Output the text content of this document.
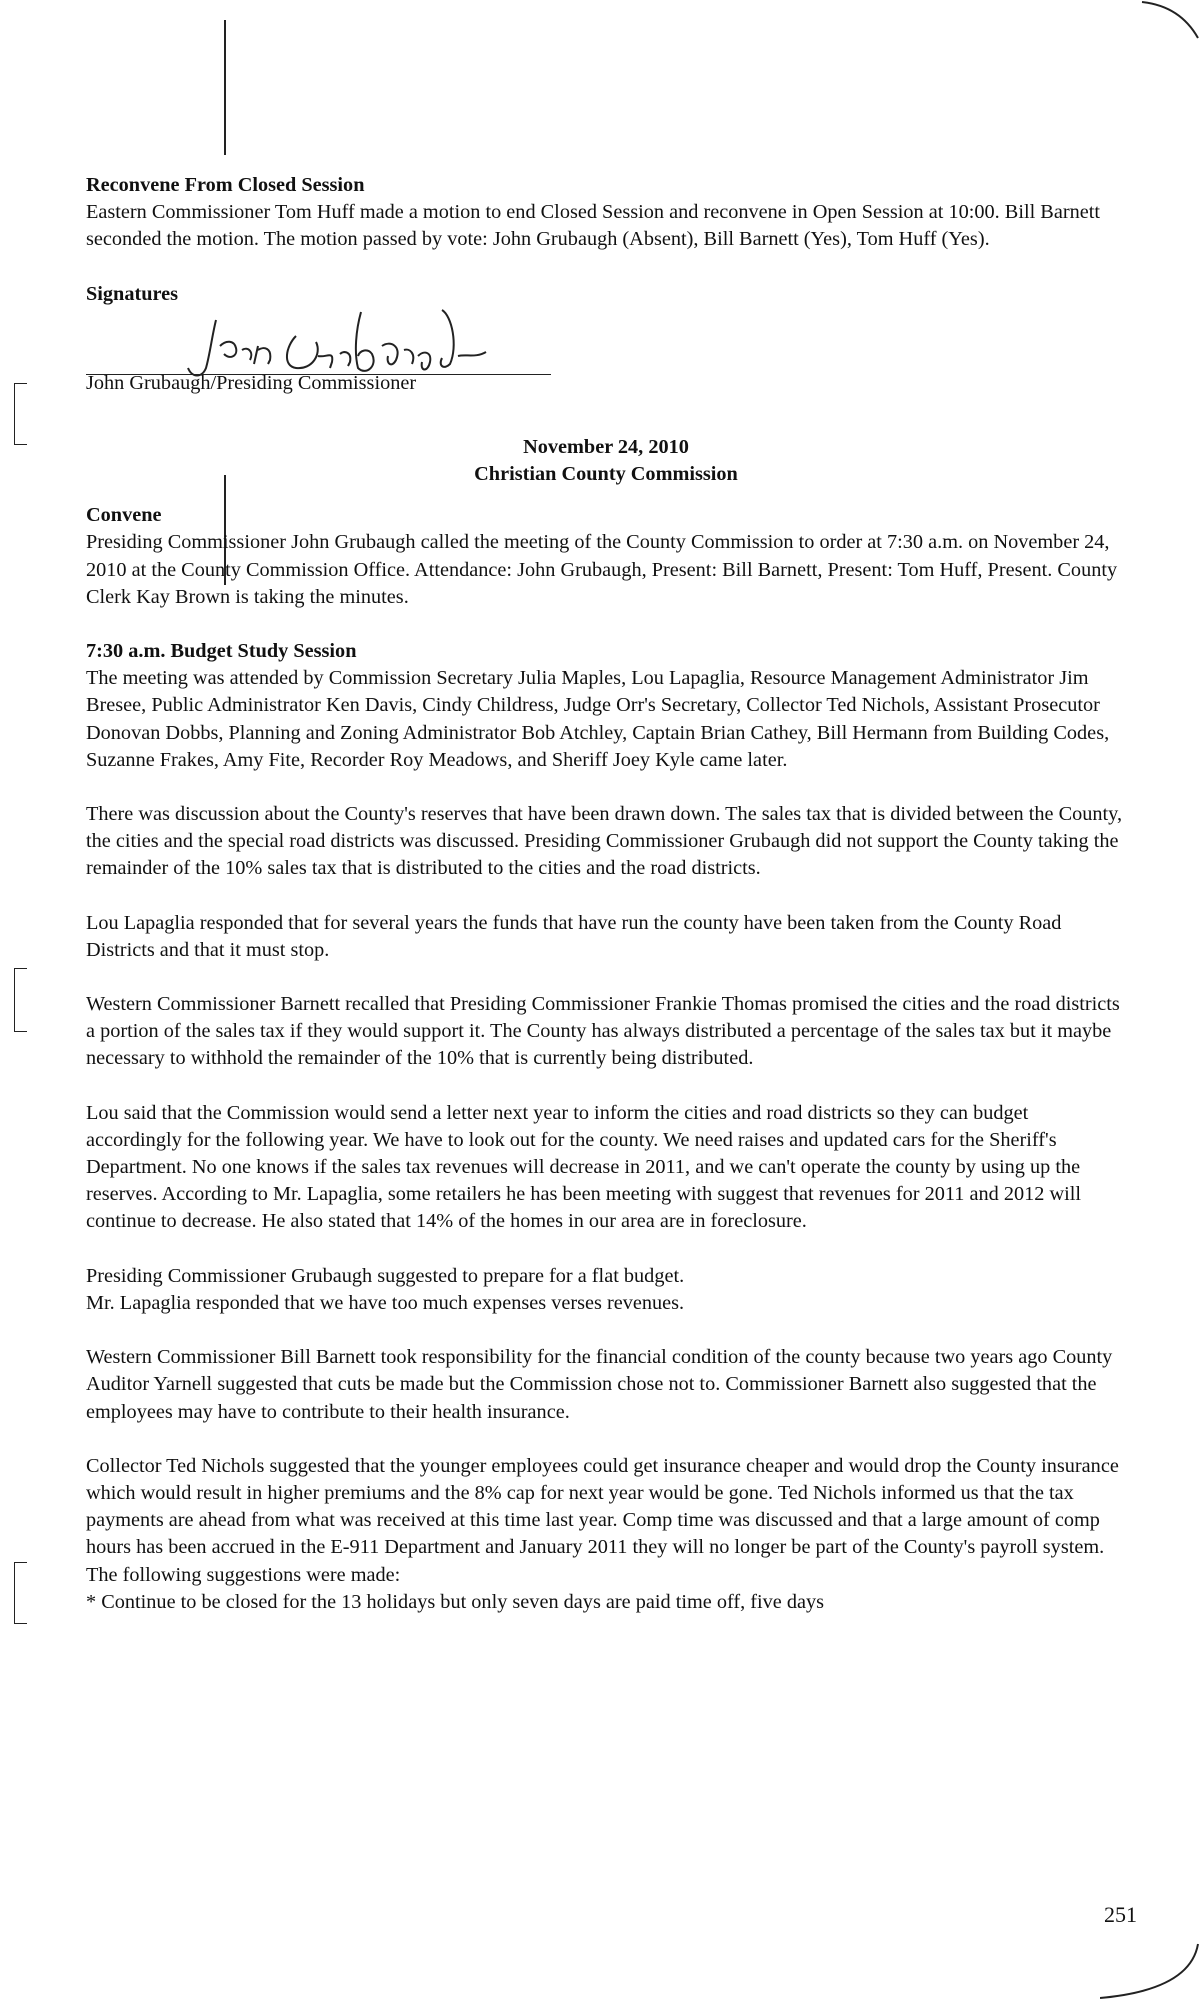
Reconvene From Closed Session

Eastern Commissioner Tom Huff made a motion to end Closed Session and reconvene in Open Session at 10:00. Bill Barnett seconded the motion. The motion passed by vote: John Grubaugh (Absent), Bill Barnett (Yes), Tom Huff (Yes).

Signatures

John Grubaugh/Presiding Commissioner
November 24, 2010
Christian County Commission

Convene

Presiding Commissioner John Grubaugh called the meeting of the County Commission to order at 7:30 a.m. on November 24, 2010 at the County Commission Office. Attendance: John Grubaugh, Present: Bill Barnett, Present: Tom Huff, Present. County Clerk Kay Brown is taking the minutes.

7:30 a.m. Budget Study Session

The meeting was attended by Commission Secretary Julia Maples, Lou Lapaglia, Resource Management Administrator Jim Bresee, Public Administrator Ken Davis, Cindy Childress, Judge Orr's Secretary, Collector Ted Nichols, Assistant Prosecutor Donovan Dobbs, Planning and Zoning Administrator Bob Atchley, Captain Brian Cathey, Bill Hermann from Building Codes, Suzanne Frakes, Amy Fite, Recorder Roy Meadows, and Sheriff Joey Kyle came later.

There was discussion about the County's reserves that have been drawn down. The sales tax that is divided between the County, the cities and the special road districts was discussed. Presiding Commissioner Grubaugh did not support the County taking the remainder of the 10% sales tax that is distributed to the cities and the road districts.

Lou Lapaglia responded that for several years the funds that have run the county have been taken from the County Road Districts and that it must stop.

Western Commissioner Barnett recalled that Presiding Commissioner Frankie Thomas promised the cities and the road districts a portion of the sales tax if they would support it. The County has always distributed a percentage of the sales tax but it maybe necessary to withhold the remainder of the 10% that is currently being distributed.

Lou said that the Commission would send a letter next year to inform the cities and road districts so they can budget accordingly for the following year. We have to look out for the county. We need raises and updated cars for the Sheriff's Department. No one knows if the sales tax revenues will decrease in 2011, and we can't operate the county by using up the reserves. According to Mr. Lapaglia, some retailers he has been meeting with suggest that revenues for 2011 and 2012 will continue to decrease. He also stated that 14% of the homes in our area are in foreclosure.

Presiding Commissioner Grubaugh suggested to prepare for a flat budget.

Mr. Lapaglia responded that we have too much expenses verses revenues.

Western Commissioner Bill Barnett took responsibility for the financial condition of the county because two years ago County Auditor Yarnell suggested that cuts be made but the Commission chose not to. Commissioner Barnett also suggested that the employees may have to contribute to their health insurance.

Collector Ted Nichols suggested that the younger employees could get insurance cheaper and would drop the County insurance which would result in higher premiums and the 8% cap for next year would be gone. Ted Nichols informed us that the tax payments are ahead from what was received at this time last year. Comp time was discussed and that a large amount of comp hours has been accrued in the E-911 Department and January 2011 they will no longer be part of the County's payroll system.

The following suggestions were made:

* Continue to be closed for the 13 holidays but only seven days are paid time off, five days

251
